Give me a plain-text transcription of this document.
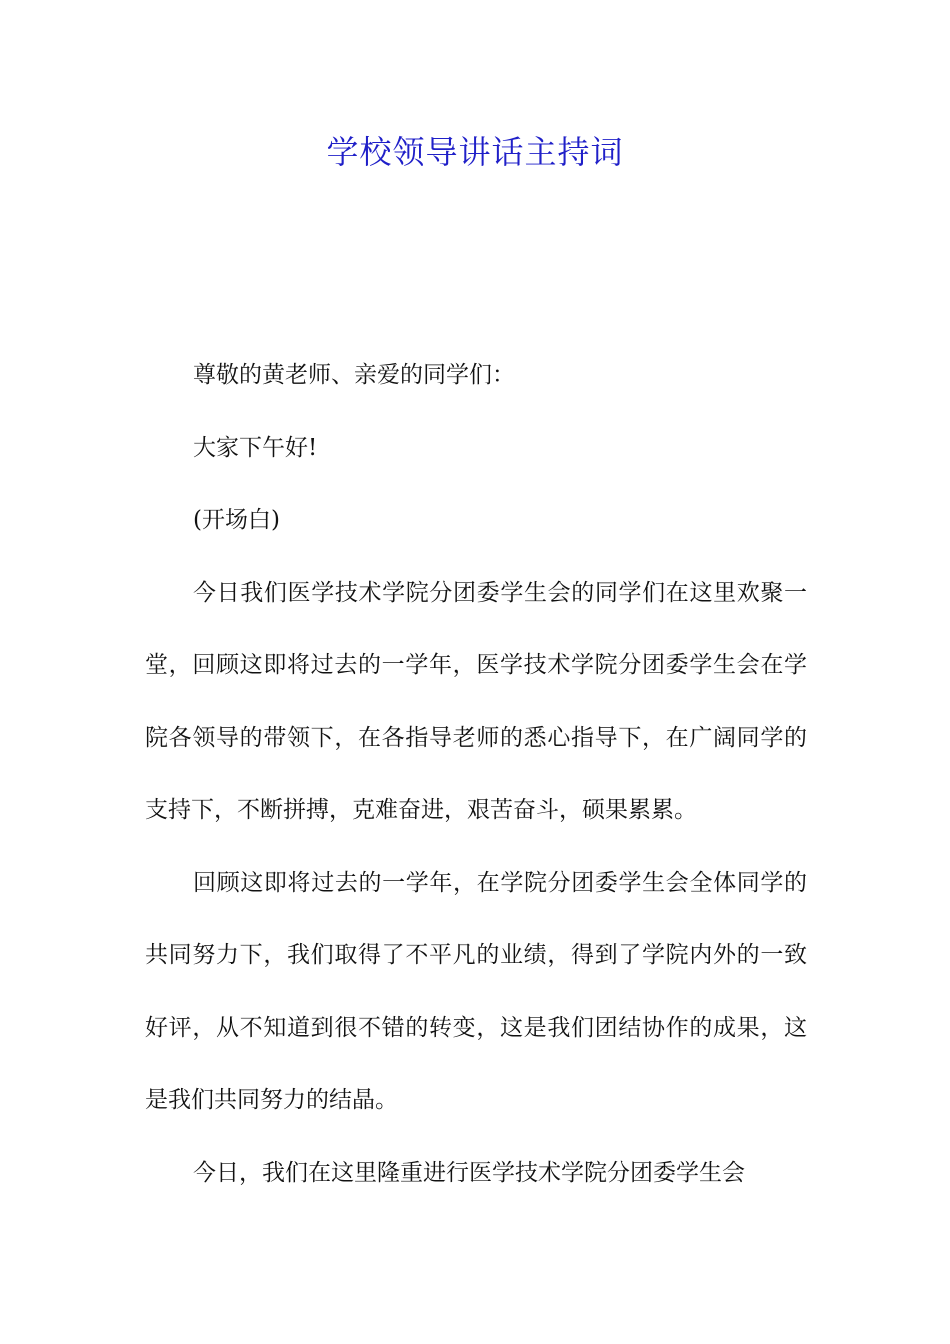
学校领导讲话主持词

尊敬的黄老师、亲爱的同学们：

大家下午好!

(开场白)

今日我们医学技术学院分团委学生会的同学们在这里欢聚一堂，回顾这即将过去的一学年，医学技术学院分团委学生会在学院各领导的带领下，在各指导老师的悉心指导下，在广阔同学的支持下，不断拼搏，克难奋进，艰苦奋斗，硕果累累。

回顾这即将过去的一学年，在学院分团委学生会全体同学的共同努力下，我们取得了不平凡的业绩，得到了学院内外的一致好评，从不知道到很不错的转变，这是我们团结协作的成果，这是我们共同努力的结晶。

今日，我们在这里隆重进行医学技术学院分团委学生会
